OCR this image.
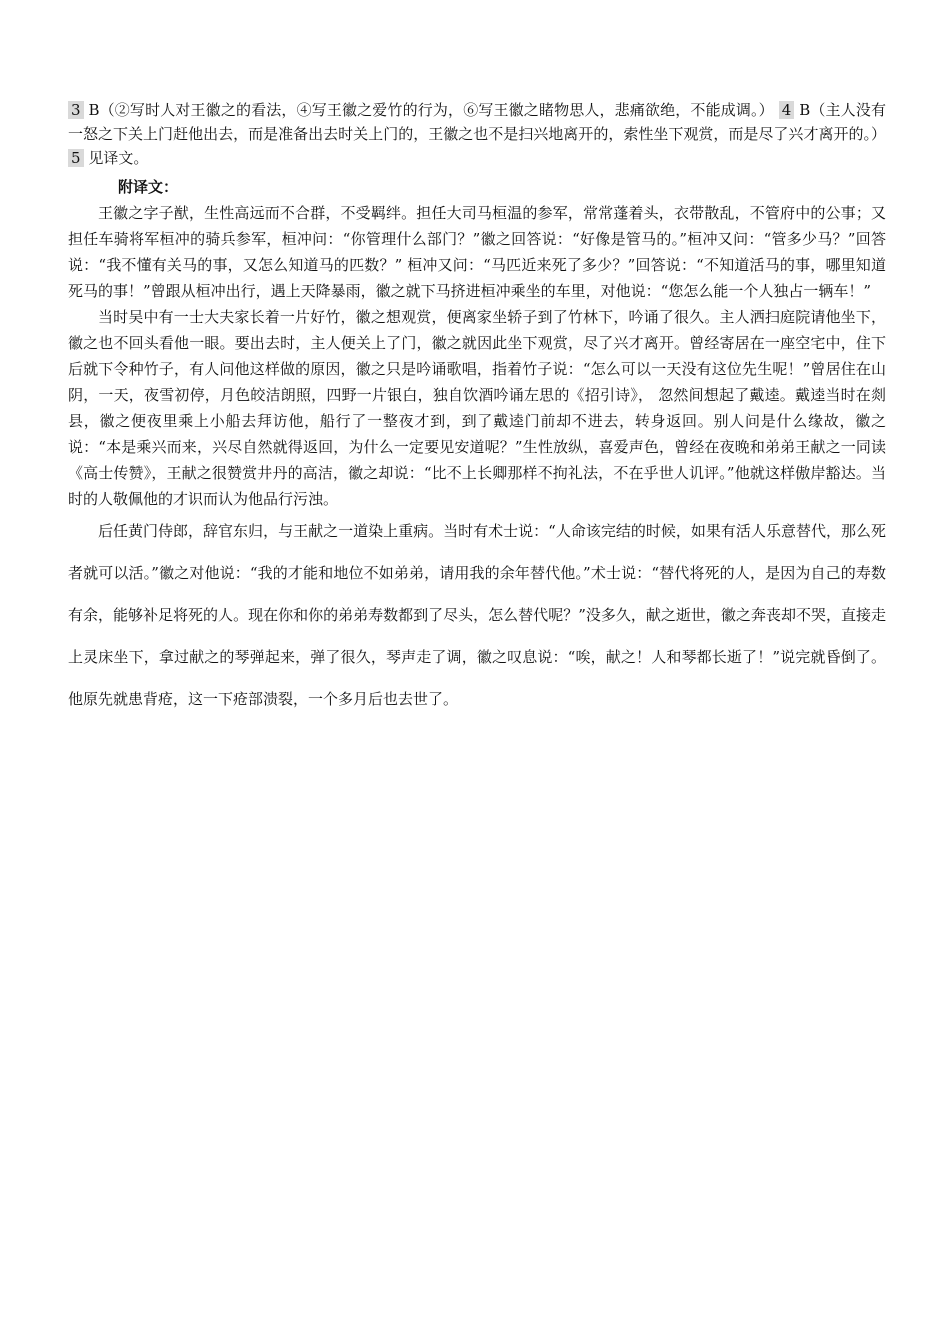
3 B（②写时人对王徽之的看法，④写王徽之爱竹的行为，⑥写王徽之睹物思人，悲痛欲绝，不能成调。） 4 B（主人没有一怒之下关上门赶他出去，而是准备出去时关上门的，王徽之也不是扫兴地离开的，索性坐下观赏，而是尽了兴才离开的。） 5 见译文。

附译文：

王徽之字子猷，生性高远而不合群，不受羁绊。担任大司马桓温的参军，常常蓬着头，衣带散乱，不管府中的公事；又担任车骑将军桓冲的骑兵参军，桓冲问：“你管理什么部门？”徽之回答说：“好像是管马的。”桓冲又问：“管多少马？”回答说：“我不懂有关马的事，又怎么知道马的匹数？” 桓冲又问：“马匹近来死了多少？”回答说：“不知道活马的事，哪里知道死马的事！”曾跟从桓冲出行，遇上天降暴雨，徽之就下马挤进桓冲乘坐的车里，对他说：“您怎么能一个人独占一辆车！”

当时吴中有一士大夫家长着一片好竹，徽之想观赏，便离家坐轿子到了竹林下，吟诵了很久。主人洒扫庭院请他坐下，徽之也不回头看他一眼。要出去时，主人便关上了门，徽之就因此坐下观赏，尽了兴才离开。曾经寄居在一座空宅中，住下后就下令种竹子，有人问他这样做的原因，徽之只是吟诵歌唱，指着竹子说：“怎么可以一天没有这位先生呢！”曾居住在山阴，一天，夜雪初停，月色皎洁朗照，四野一片银白，独自饮酒吟诵左思的《招引诗》， 忽然间想起了戴逵。戴逵当时在剡县，徽之便夜里乘上小船去拜访他，船行了一整夜才到，到了戴逵门前却不进去，转身返回。别人问是什么缘故，徽之说：“本是乘兴而来，兴尽自然就得返回，为什么一定要见安道呢？”生性放纵，喜爱声色，曾经在夜晚和弟弟王献之一同读《高士传赞》，王献之很赞赏井丹的高洁，徽之却说：“比不上长卿那样不拘礼法，不在乎世人讥评。”他就这样傲岸豁达。当时的人敬佩他的才识而认为他品行污浊。

后任黄门侍郎，辞官东归，与王献之一道染上重病。当时有术士说：“人命该完结的时候，如果有活人乐意替代，那么死者就可以活。”徽之对他说：“我的才能和地位不如弟弟，请用我的余年替代他。”术士说：“替代将死的人，是因为自己的寿数有余，能够补足将死的人。现在你和你的弟弟寿数都到了尽头，怎么替代呢？”没多久，献之逝世，徽之奔丧却不哭，直接走上灵床坐下，拿过献之的琴弹起来，弹了很久，琴声走了调，徽之叹息说：“唉，献之！人和琴都长逝了！”说完就昏倒了。他原先就患背疮，这一下疮部溃裂，一个多月后也去世了。
